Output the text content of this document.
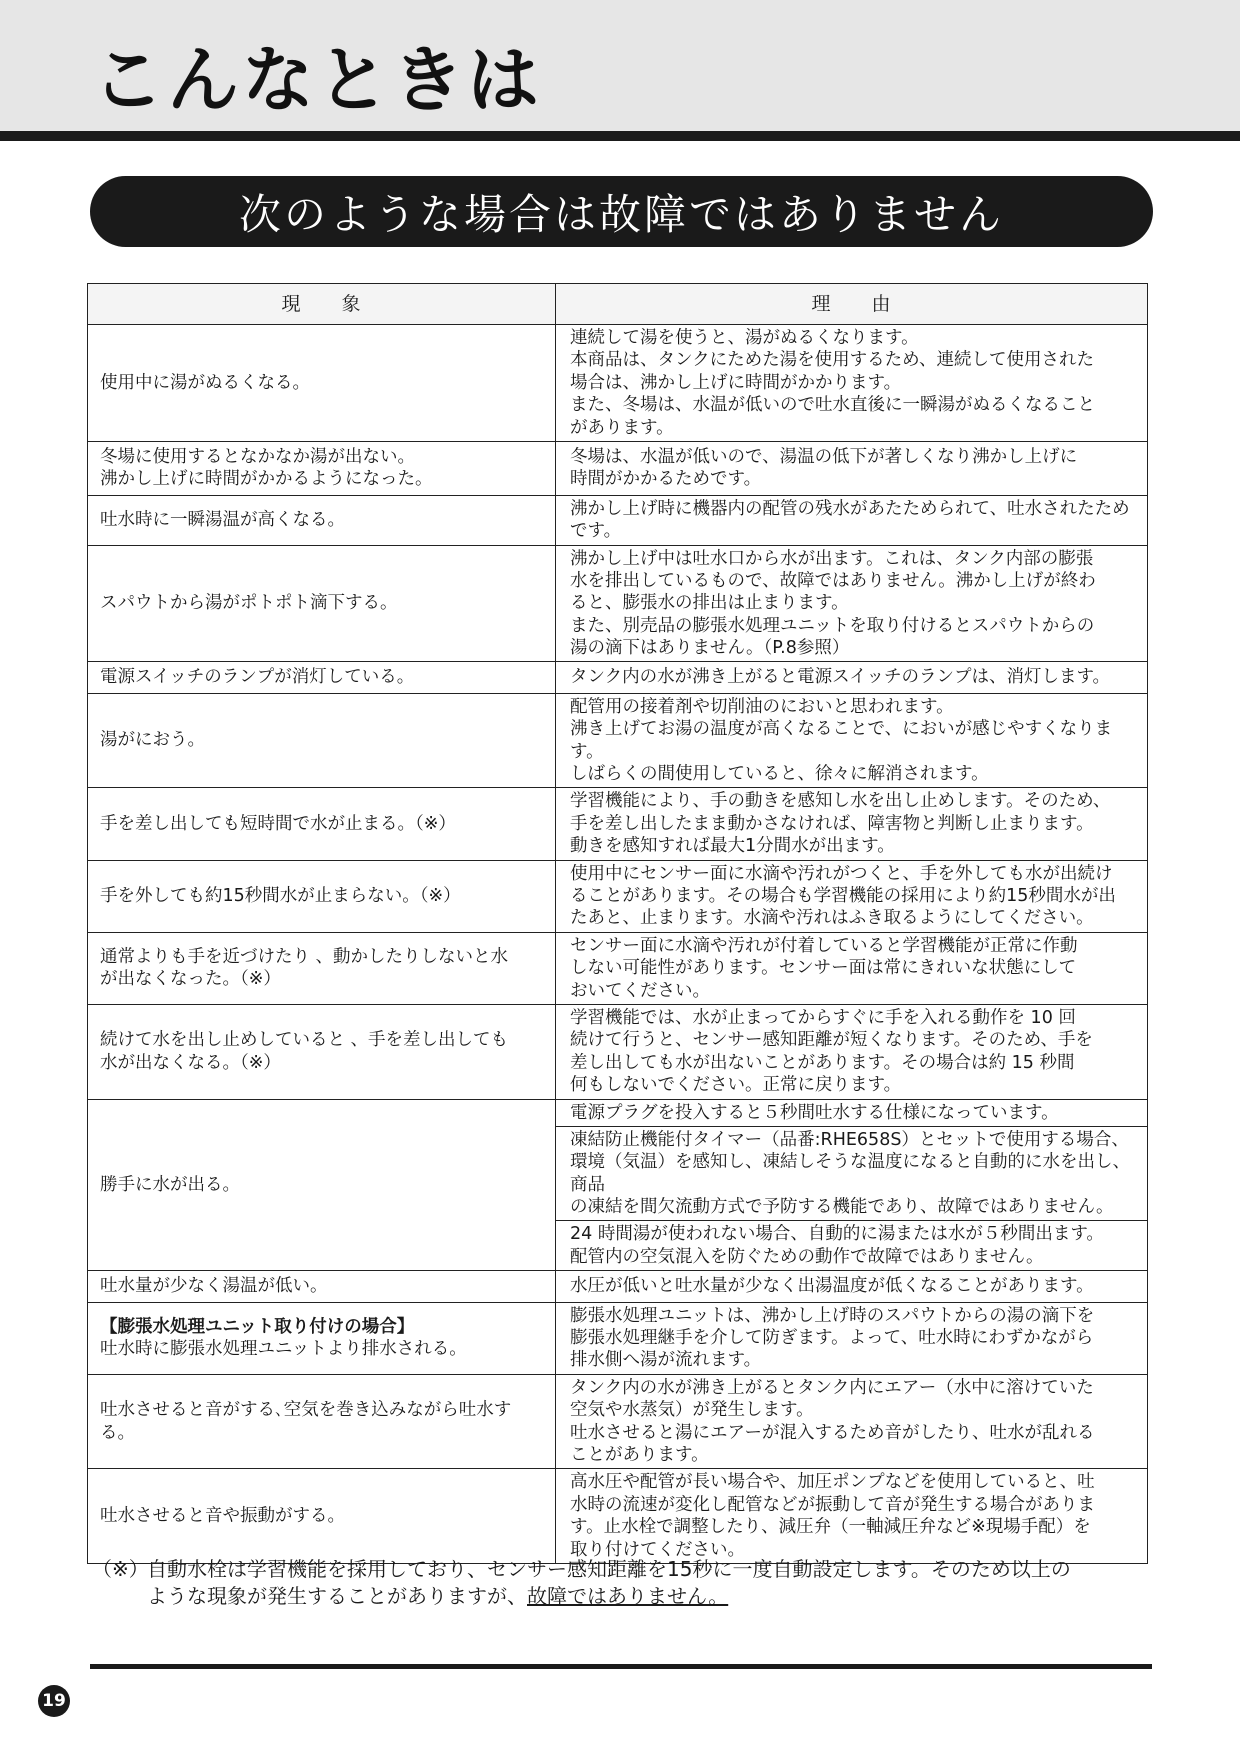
こんなときは
次のような場合は故障ではありません
現　　象	理　　由

使用中に湯がぬるくなる。	連続して湯を使うと、湯がぬるくなります。
本商品は、タンクにためた湯を使用するため、連続して使用された
場合は、沸かし上げに時間がかかります。
また、冬場は、水温が低いので吐水直後に一瞬湯がぬるくなること
があります。

冬場に使用するとなかなか湯が出ない。
沸かし上げに時間がかかるようになった。	冬場は、水温が低いので、湯温の低下が著しくなり沸かし上げに
時間がかかるためです。

吐水時に一瞬湯温が高くなる。	沸かし上げ時に機器内の配管の残水があたためられて、吐水されたためです。

スパウトから湯がポトポト滴下する。	沸かし上げ中は吐水口から水が出ます。これは、タンク内部の膨張
水を排出しているもので、故障ではありません。沸かし上げが終わ
ると、膨張水の排出は止まります。
また、別売品の膨張水処理ユニットを取り付けるとスパウトからの
湯の滴下はありません。（P.8参照）

電源スイッチのランプが消灯している。	タンク内の水が沸き上がると電源スイッチのランプは、消灯します。

湯がにおう。	配管用の接着剤や切削油のにおいと思われます。
沸き上げてお湯の温度が高くなることで、においが感じやすくなります。
しばらくの間使用していると、徐々に解消されます。

手を差し出しても短時間で水が止まる。（※）	学習機能により、手の動きを感知し水を出し止めします。そのため、
手を差し出したまま動かさなければ、障害物と判断し止まります。
動きを感知すれば最大1分間水が出ます。

手を外しても約15秒間水が止まらない。（※）	使用中にセンサー面に水滴や汚れがつくと、手を外しても水が出続け
ることがあります。その場合も学習機能の採用により約15秒間水が出
たあと、止まります。水滴や汚れはふき取るようにしてください。

通常よりも手を近づけたり 、動かしたりしないと水
が出なくなった。（※）	センサー面に水滴や汚れが付着していると学習機能が正常に作動
しない可能性があります。センサー面は常にきれいな状態にして
おいてください。

続けて水を出し止めしていると 、手を差し出しても
水が出なくなる。（※）	学習機能では、水が止まってからすぐに手を入れる動作を 10 回
続けて行うと、センサー感知距離が短くなります。そのため、手を
差し出しても水が出ないことがあります。その場合は約 15 秒間
何もしないでください。正常に戻ります。

勝手に水が出る。	電源プラグを投入すると５秒間吐水する仕様になっています。

	凍結防止機能付タイマー（品番:RHE658S）とセットで使用する場合、
環境（気温）を感知し、凍結しそうな温度になると自動的に水を出し、商品
の凍結を間欠流動方式で予防する機能であり、故障ではありません。

	24 時間湯が使われない場合、自動的に湯または水が５秒間出ます。
配管内の空気混入を防ぐための動作で故障ではありません。

吐水量が少なく湯温が低い。	水圧が低いと吐水量が少なく出湯温度が低くなることがあります。

【膨張水処理ユニット取り付けの場合】
吐水時に膨張水処理ユニットより排水される。	膨張水処理ユニットは、沸かし上げ時のスパウトからの湯の滴下を
膨張水処理継手を介して防ぎます。よって、吐水時にわずかながら
排水側へ湯が流れます。

吐水させると音がする､空気を巻き込みながら吐水する。	タンク内の水が沸き上がるとタンク内にエアー（水中に溶けていた
空気や水蒸気）が発生します。
吐水させると湯にエアーが混入するため音がしたり、吐水が乱れる
ことがあります。

吐水させると音や振動がする。	高水圧や配管が長い場合や、加圧ポンプなどを使用していると、吐
水時の流速が変化し配管などが振動して音が発生する場合がありま
す。止水栓で調整したり、減圧弁（一軸減圧弁など※現場手配）を
取り付けてください。
（※）
自動水栓は学習機能を採用しており、センサー感知距離を15秒に一度自動設定します。そのため以上の
ような現象が発生することがありますが、故障ではありません。
19
